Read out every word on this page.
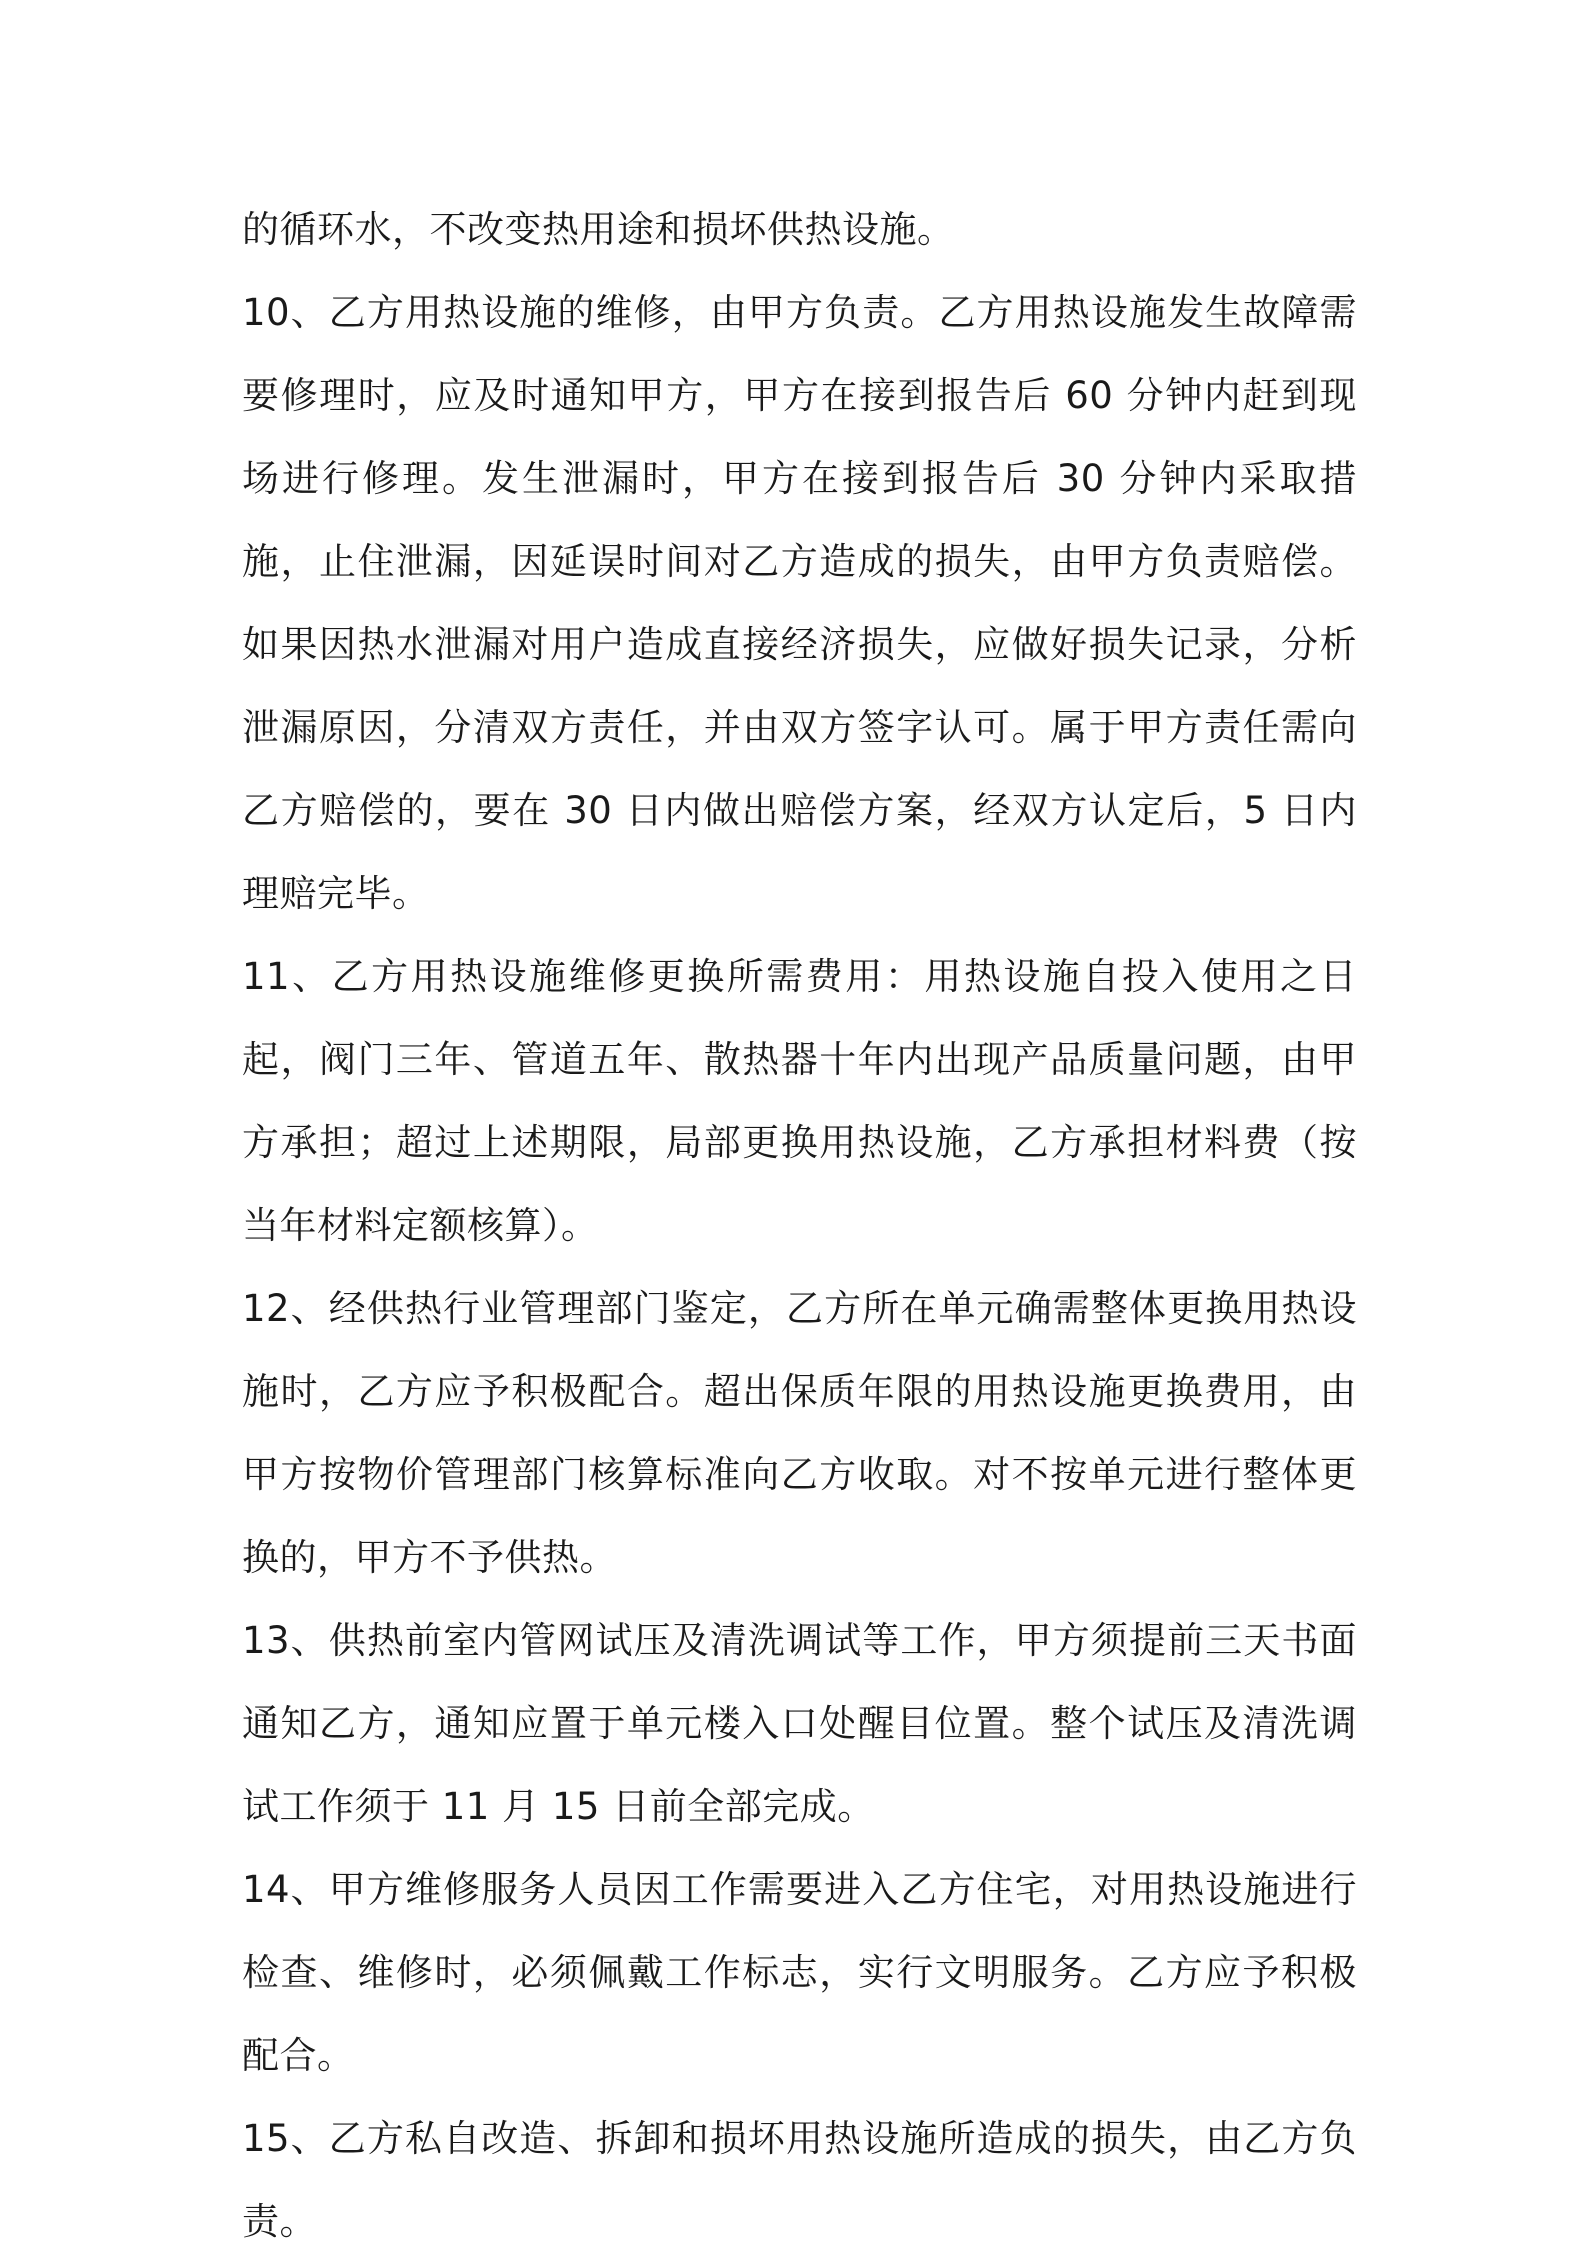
的循环水，不改变热用途和损坏供热设施。

10、乙方用热设施的维修，由甲方负责。乙方用热设施发生故障需要修理时，应及时通知甲方，甲方在接到报告后 60 分钟内赶到现场进行修理。发生泄漏时，甲方在接到报告后 30 分钟内采取措施，止住泄漏，因延误时间对乙方造成的损失，由甲方负责赔偿。如果因热水泄漏对用户造成直接经济损失，应做好损失记录，分析泄漏原因，分清双方责任，并由双方签字认可。属于甲方责任需向乙方赔偿的，要在 30 日内做出赔偿方案，经双方认定后，5 日内理赔完毕。

11、乙方用热设施维修更换所需费用：用热设施自投入使用之日起，阀门三年、管道五年、散热器十年内出现产品质量问题，由甲方承担；超过上述期限，局部更换用热设施，乙方承担材料费（按当年材料定额核算）。

12、经供热行业管理部门鉴定，乙方所在单元确需整体更换用热设施时，乙方应予积极配合。超出保质年限的用热设施更换费用，由甲方按物价管理部门核算标准向乙方收取。对不按单元进行整体更换的，甲方不予供热。

13、供热前室内管网试压及清洗调试等工作，甲方须提前三天书面通知乙方，通知应置于单元楼入口处醒目位置。整个试压及清洗调试工作须于 11 月 15 日前全部完成。

14、甲方维修服务人员因工作需要进入乙方住宅，对用热设施进行检查、维修时，必须佩戴工作标志，实行文明服务。乙方应予积极配合。

15、乙方私自改造、拆卸和损坏用热设施所造成的损失，由乙方负责。
